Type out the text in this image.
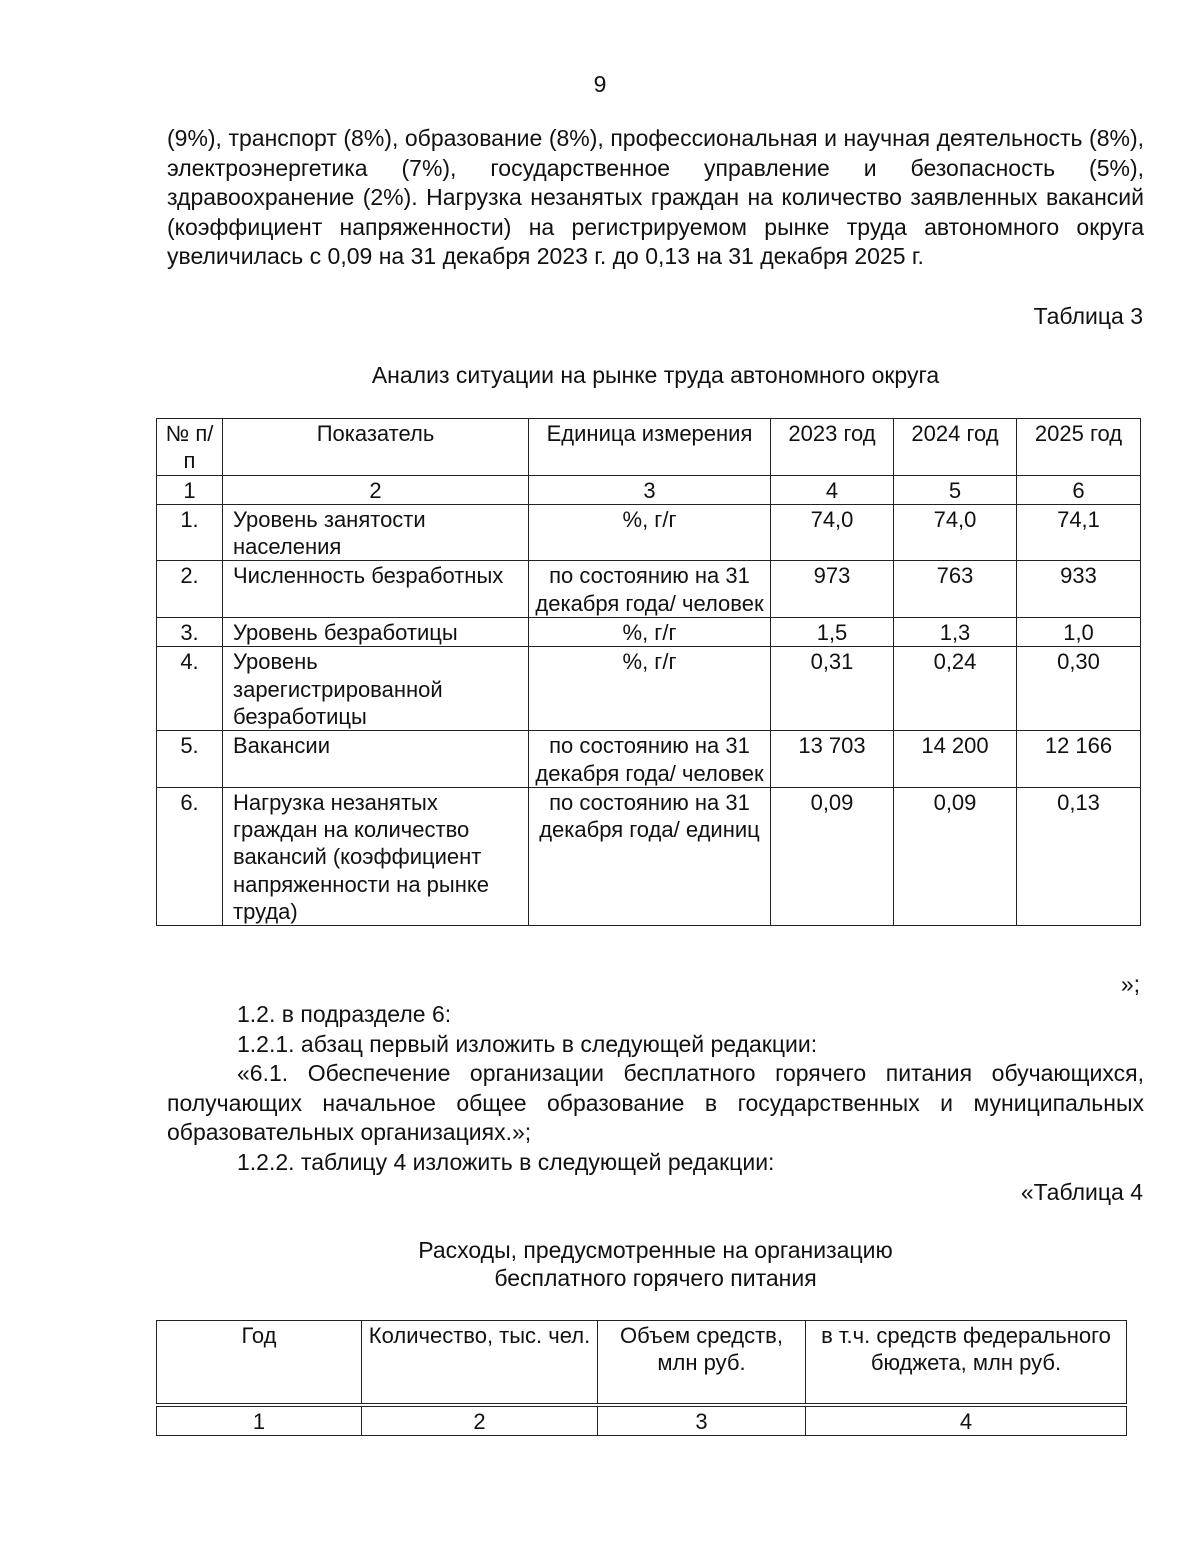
9

(9%), транспорт (8%), образование (8%), профессиональная и научная деятельность (8%), электроэнергетика (7%), государственное управление и безопасность (5%), здравоохранение (2%). Нагрузка незанятых граждан на количество заявленных вакансий (коэффициент напряженности) на регистрируемом рынке труда автономного округа увеличилась с 0,09 на 31 декабря 2023 г. до 0,13 на 31 декабря 2025 г.

Таблица 3
Анализ ситуации на рынке труда автономного округа
№ п/п	Показатель	Единица измерения	2023 год	2024 год	2025 год
1	2	3	4	5	6
1.	Уровень занятости населения	%, г/г	74,0	74,0	74,1
2.	Численность безработных	по состоянию на 31 декабря года/ человек	973	763	933
3.	Уровень безработицы	%, г/г	1,5	1,3	1,0
4.	Уровень зарегистрированной безработицы	%, г/г	0,31	0,24	0,30
5.	Вакансии	по состоянию на 31 декабря года/ человек	13 703	14 200	12 166
6.	Нагрузка незанятых граждан на количество вакансий (коэффициент напряженности на рынке труда)	по состоянию на 31 декабря года/ единиц	0,09	0,09	0,13
»;

1.2. в подразделе 6:

1.2.1. абзац первый изложить в следующей редакции:

«6.1. Обеспечение организации бесплатного горячего питания обучающихся, получающих начальное общее образование в государственных и муниципальных образовательных организациях.»;

1.2.2. таблицу 4 изложить в следующей редакции:

«Таблица 4
Расходы, предусмотренные на организацию
бесплатного горячего питания
Год	Количество, тыс. чел.	Объем средств, млн руб.	в т.ч. средств федерального бюджета, млн руб.
1	2	3	4
